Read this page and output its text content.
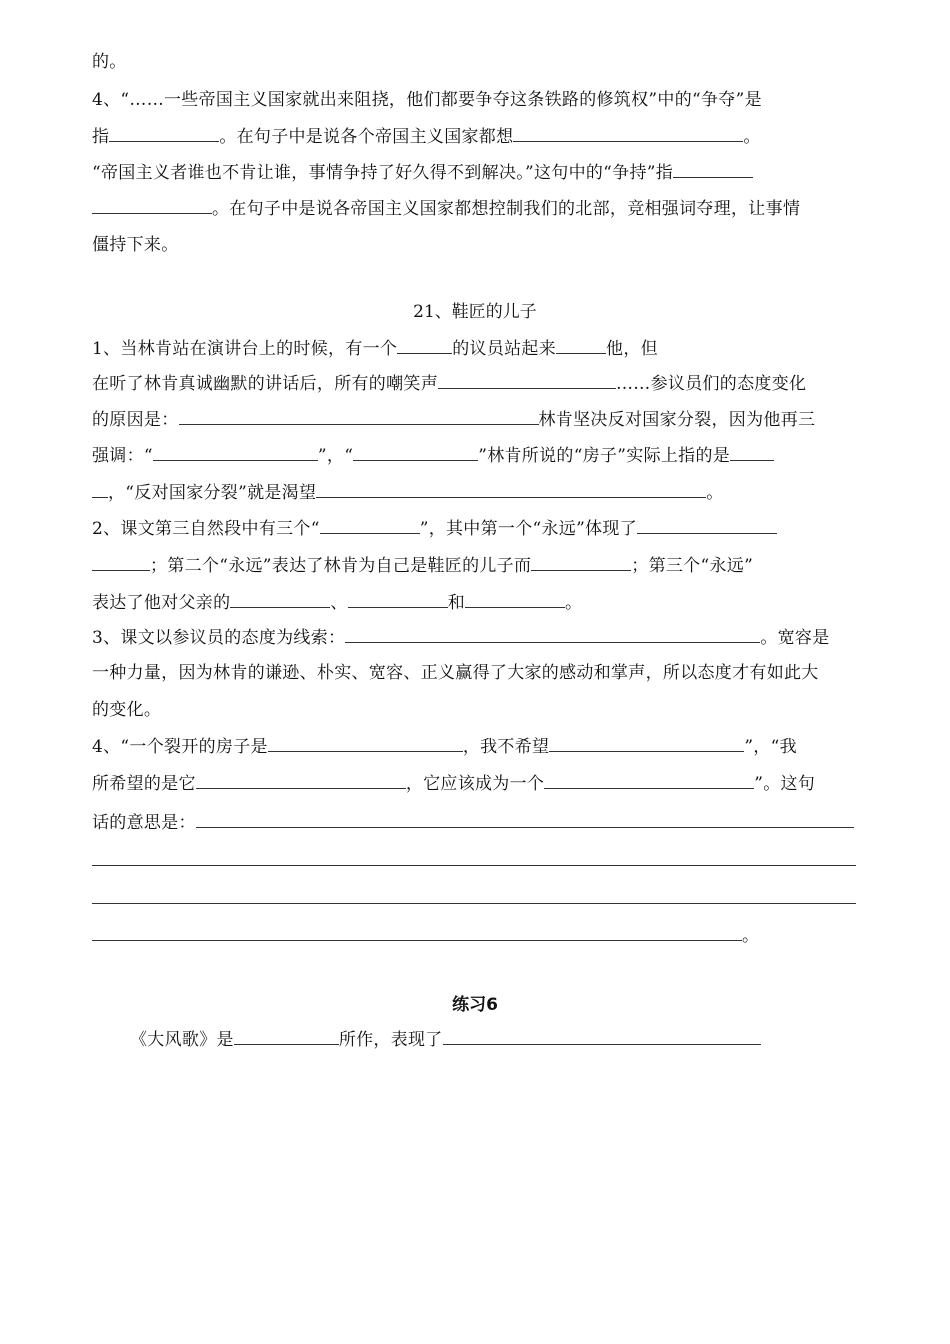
的。
4、“……一些帝国主义国家就出来阻挠，他们都要争夺这条铁路的修筑权”中的“争夺”是
指	。在句子中是说各个帝国主义国家都想	。
“帝国主义者谁也不肯让谁，事情争持了好久得不到解决。”这句中的“争持”指
。在句子中是说各帝国主义国家都想控制我们的北部，竞相强词夺理，让事情
僵持下来。
21、鞋匠的儿子
1、当林肯站在演讲台上的时候，有一个	的议员站起来	他，但
在听了林肯真诚幽默的讲话后，所有的嘲笑声	……参议员们的态度变化
的原因是：	林肯坚决反对国家分裂，因为他再三
强调：“	”，“	”林肯所说的“房子”实际上指的是
，“反对国家分裂”就是渴望	。
2、课文第三自然段中有三个“	”，其中第一个“永远”体现了
；第二个“永远”表达了林肯为自己是鞋匠的儿子而	；第三个“永远”
表达了他对父亲的	、	和	。
3、课文以参议员的态度为线索：	。宽容是
一种力量，因为林肯的谦逊、朴实、宽容、正义赢得了大家的感动和掌声，所以态度才有如此大
的变化。
4、“一个裂开的房子是	，我不希望	”，“我
所希望的是它	，它应该成为一个	”。这句
话的意思是：
。
练习6
《大风歌》是	所作，表现了
